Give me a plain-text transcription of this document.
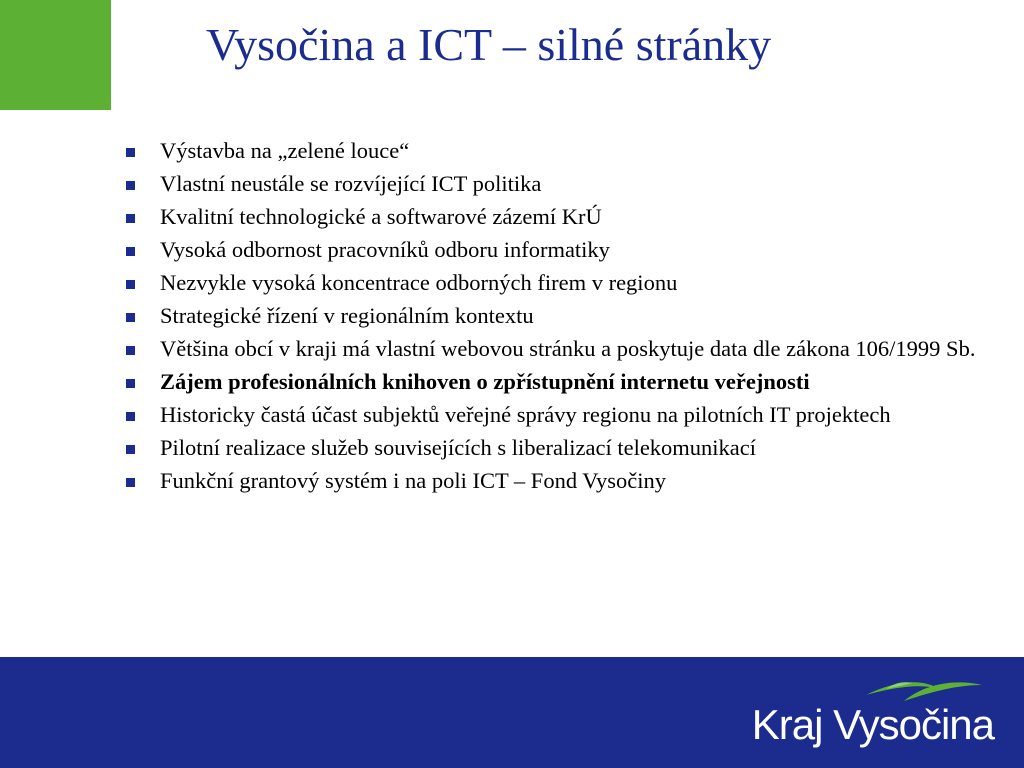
Vysočina a ICT – silné stránky
Výstavba na „zelené louce“
Vlastní neustále se rozvíjející ICT politika
Kvalitní technologické a softwarové zázemí KrÚ
Vysoká odbornost pracovníků odboru informatiky
Nezvykle vysoká koncentrace odborných firem v regionu
Strategické řízení v regionálním kontextu
Většina obcí v kraji má vlastní webovou stránku a poskytuje data dle zákona 106/1999 Sb.
Zájem profesionálních knihoven o zpřístupnění internetu veřejnosti
Historicky častá účast subjektů veřejné správy regionu na pilotních IT projektech
Pilotní realizace služeb souvisejících s liberalizací telekomunikací
Funkční grantový systém i na poli ICT – Fond Vysočiny
Kraj Vysočina
